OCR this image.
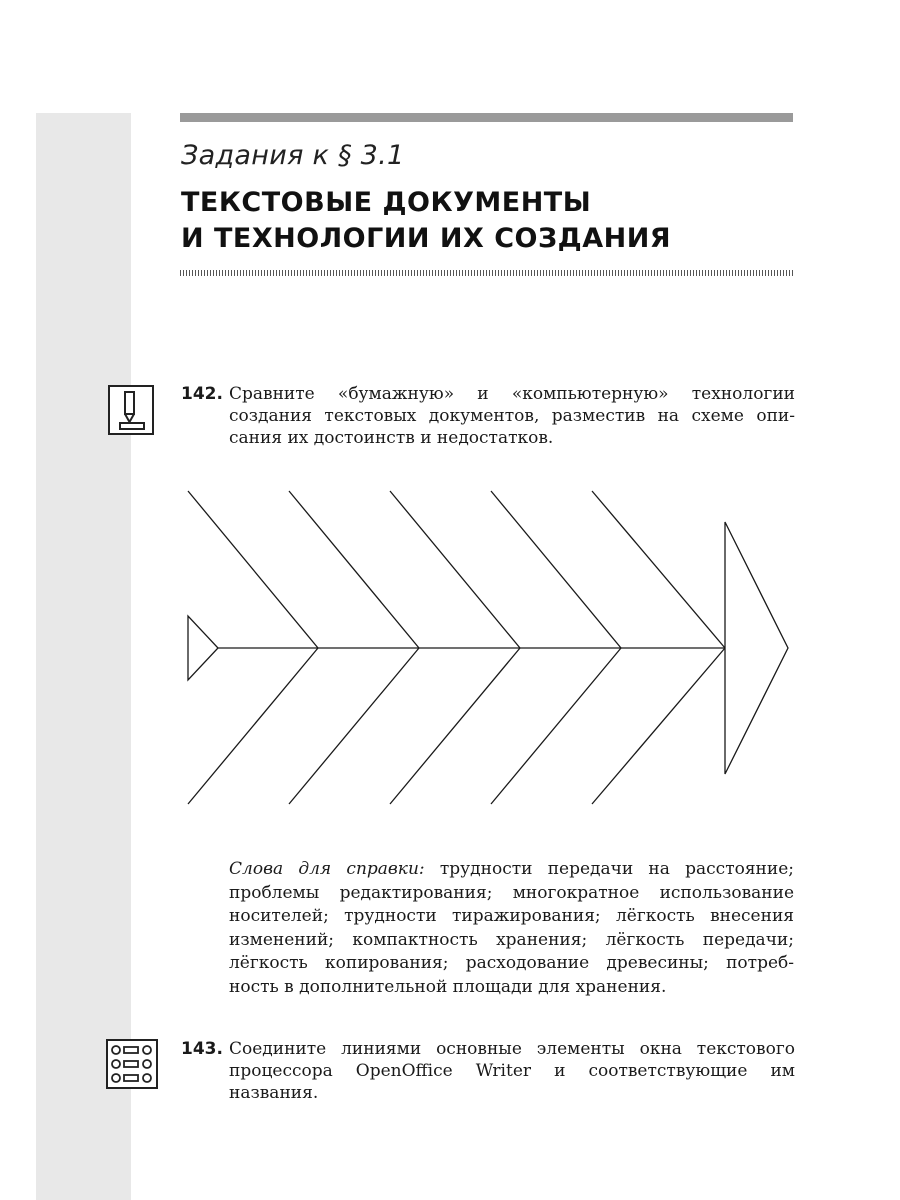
Задания к § 3.1
ТЕКСТОВЫЕ ДОКУМЕНТЫ
И ТЕХНОЛОГИИ ИХ СОЗДАНИЯ
142. Сравните «бумажную» и «компьютерную» технологии
создания текстовых документов, разместив на схеме опи-
сания их достоинств и недостатков.
Слова для справки: трудности передачи на расстояние;
проблемы редактирования; многократное использование
носителей; трудности тиражирования; лёгкость внесения
изменений; компактность хранения; лёгкость передачи;
лёгкость копирования; расходование древесины; потреб-
ность в дополнительной площади для хранения.
143. Соедините линиями основные элементы окна текстового
процессора OpenOffice Writer и соответствующие им
названия.
